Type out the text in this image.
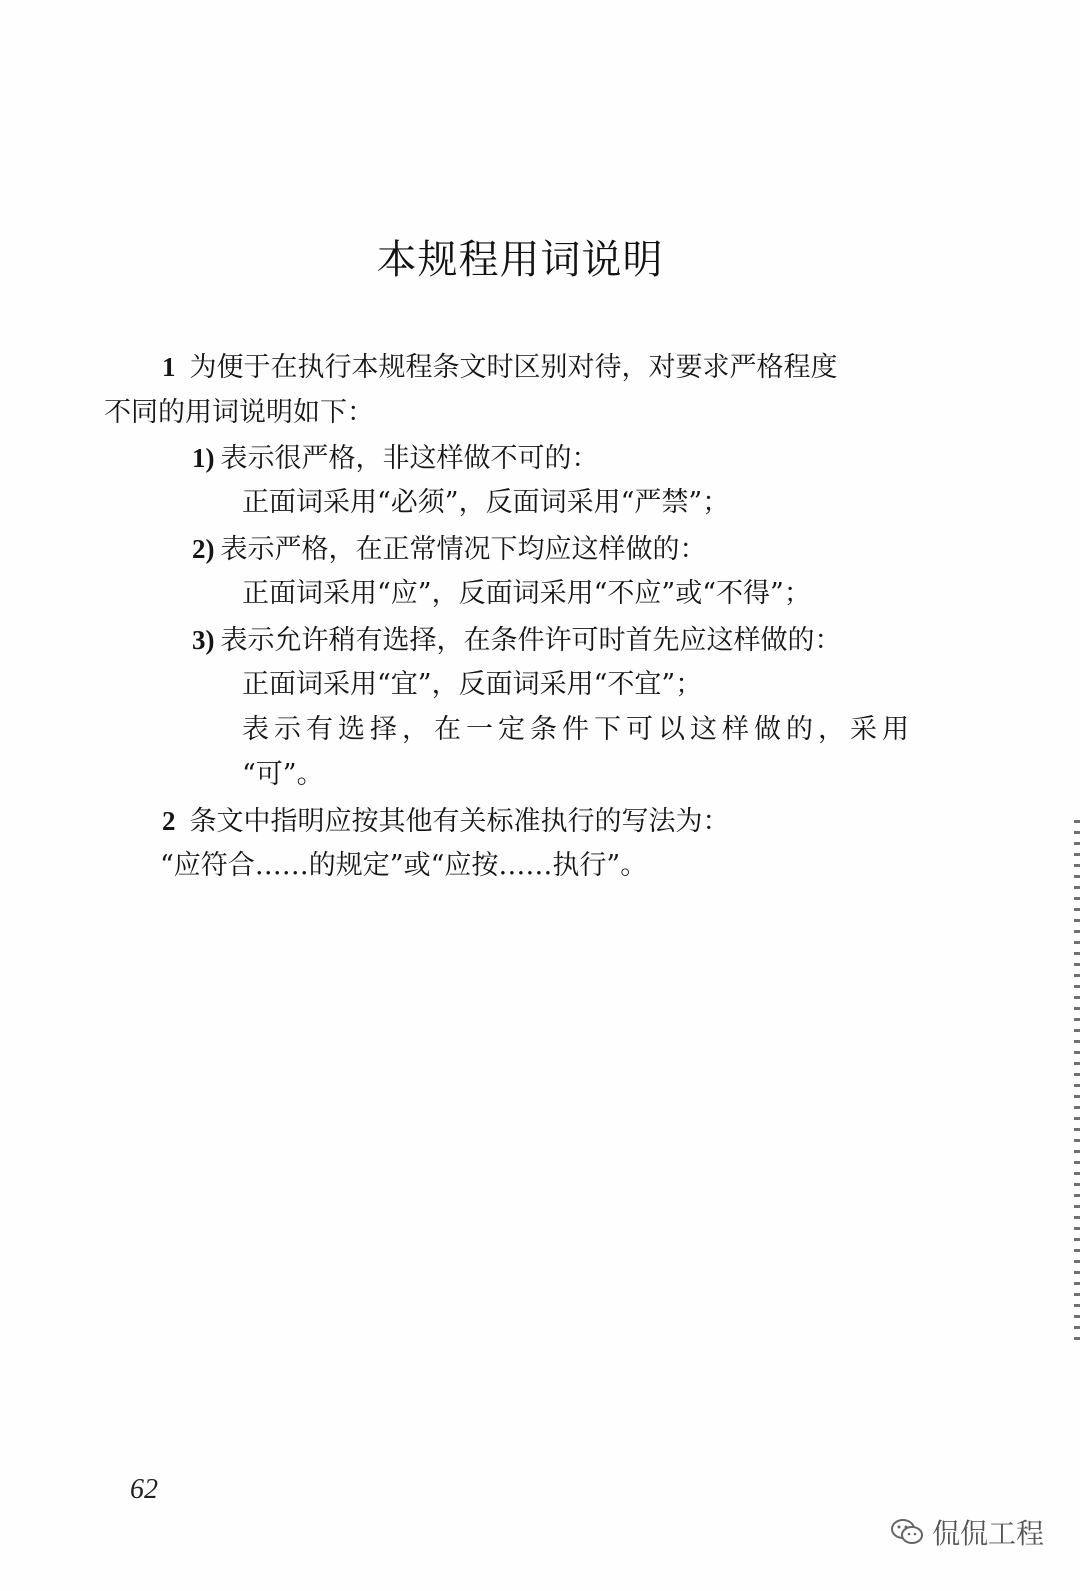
本规程用词说明
1 为便于在执行本规程条文时区别对待，对要求严格程度
不同的用词说明如下：
1) 表示很严格，非这样做不可的：
正面词采用“必须”，反面词采用“严禁”；
2) 表示严格，在正常情况下均应这样做的：
正面词采用“应”，反面词采用“不应”或“不得”；
3) 表示允许稍有选择，在条件许可时首先应这样做的：
正面词采用“宜”，反面词采用“不宜”；
表示有选择，在一定条件下可以这样做的，采用
“可”。
2 条文中指明应按其他有关标准执行的写法为：
“应符合……的规定”或“应按……执行”。
62
侃侃工程
